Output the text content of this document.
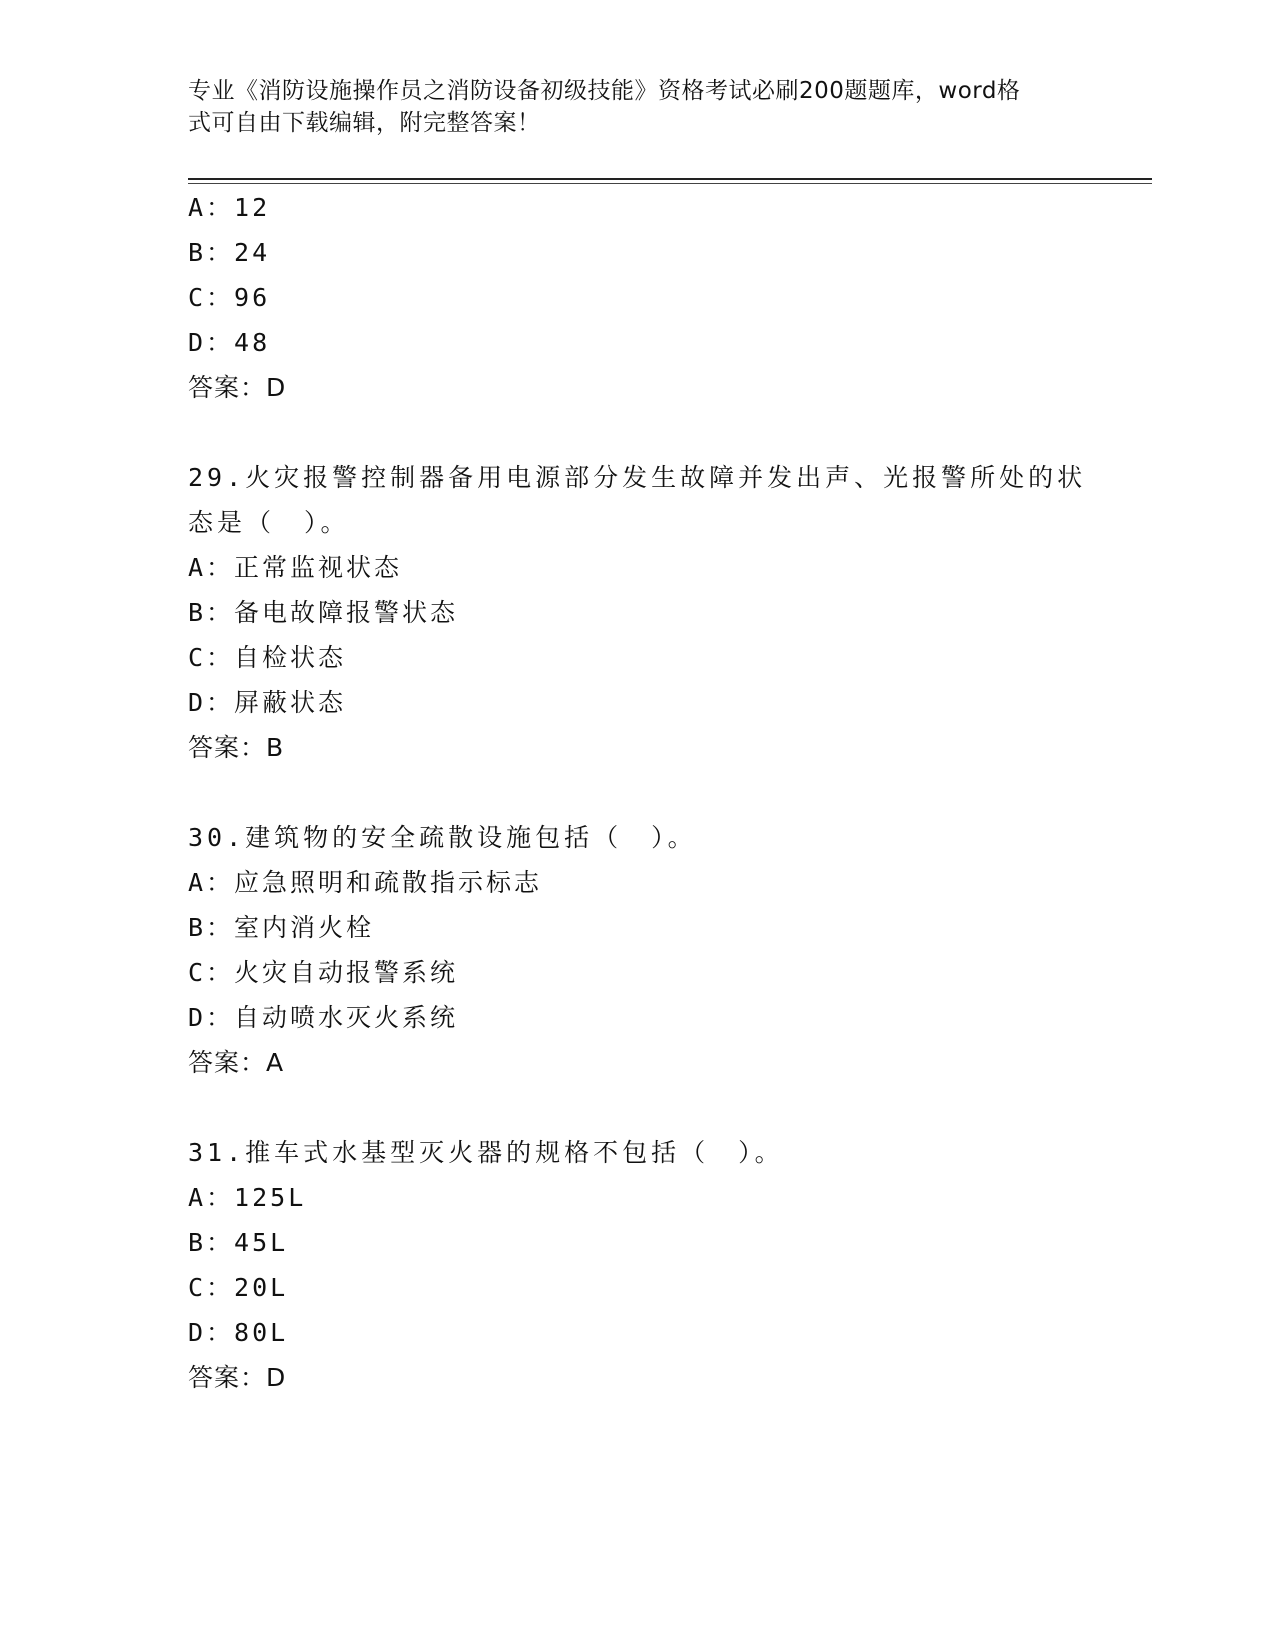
专业《消防设施操作员之消防设备初级技能》资格考试必刷200题题库，word格
式可自由下载编辑，附完整答案！
A：12
B：24
C：96
D：48
答案：D
29.火灾报警控制器备用电源部分发生故障并发出声、光报警所处的状
态是（　）。
A：正常监视状态
B：备电故障报警状态
C：自检状态
D：屏蔽状态
答案：B
30.建筑物的安全疏散设施包括（　）。
A：应急照明和疏散指示标志
B：室内消火栓
C：火灾自动报警系统
D：自动喷水灭火系统
答案：A
31.推车式水基型灭火器的规格不包括（　）。
A：125L
B：45L
C：20L
D：80L
答案：D
